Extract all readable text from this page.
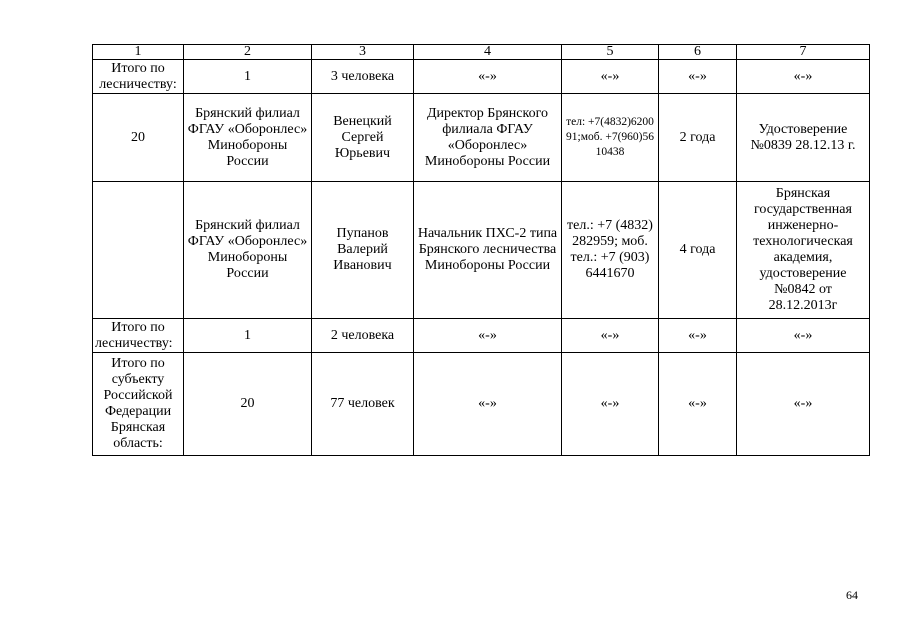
1	2	3	4	5	6	7
Итого по лесничеству:	1	3 человека	«-»	«-»	«-»	«-»
20	Брянский филиал ФГАУ «Оборонлес» Минобороны России	Венецкий Сергей Юрьевич	Директор Брянского филиала ФГАУ «Оборонлес» Минобороны России	тел: +7(4832)620091;моб. +7(960)5610438	2 года	Удостоверение №0839 28.12.13 г.
	Брянский филиал ФГАУ «Оборонлес» Минобороны России	Пупанов Валерий Иванович	Начальник ПХС-2 типа Брянского лесничества Минобороны России	тел.: +7 (4832) 282959; моб. тел.: +7 (903) 6441670	4 года	Брянская государственная инженерно-технологическая академия, удостоверение №0842 от 28.12.2013г
Итого по лесничеству:	1	2 человека	«-»	«-»	«-»	«-»
Итого по субъекту Российской Федерации Брянская область:	20	77 человек	«-»	«-»	«-»	«-»
64
